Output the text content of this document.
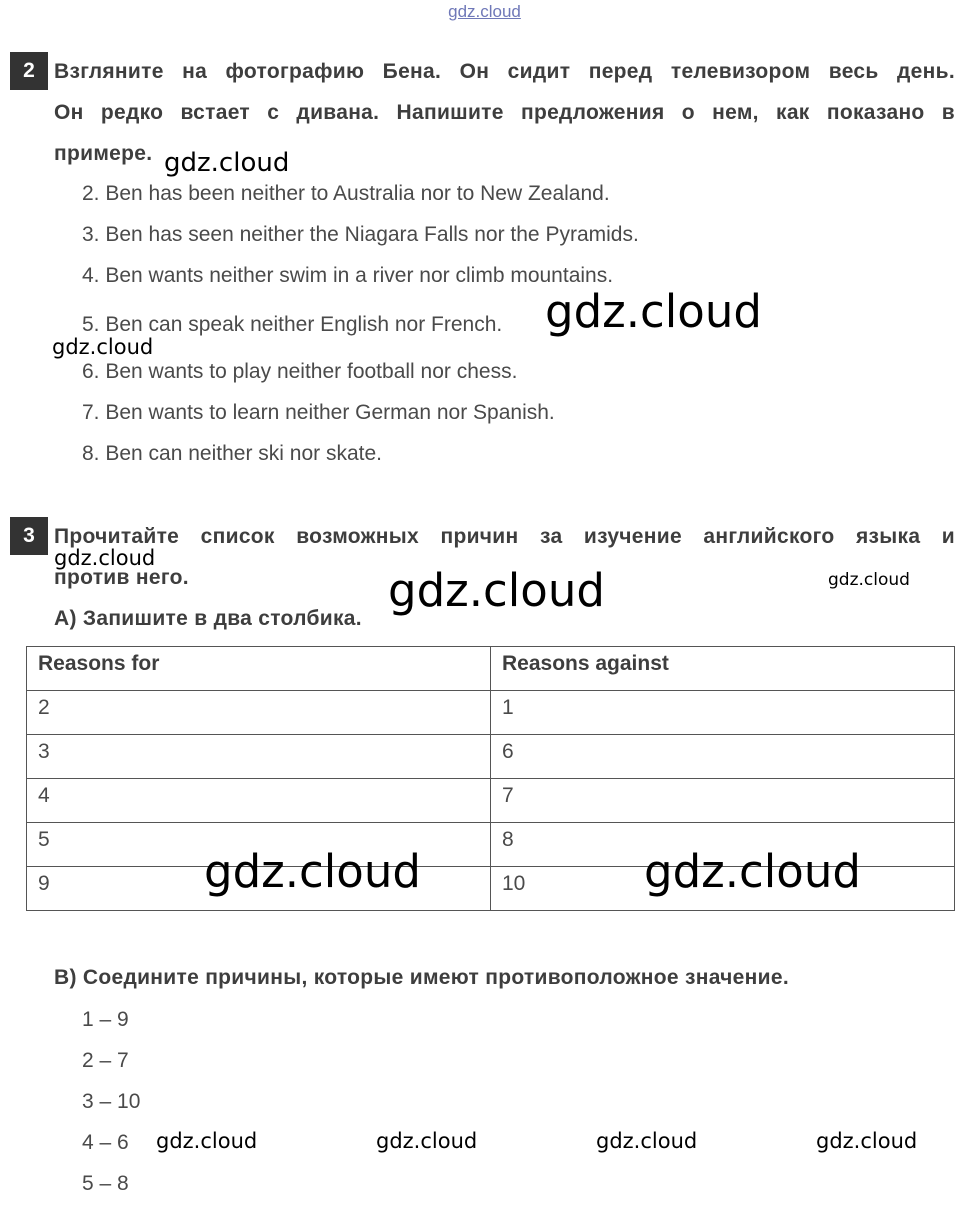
gdz.cloud
2 Взгляните на фотографию Бена. Он сидит перед телевизором весь день.
Он редко встает с дивана. Напишите предложения о нем, как показано в
примере.
2. Ben has been neither to Australia nor to New Zealand.
3. Ben has seen neither the Niagara Falls nor the Pyramids.
4. Ben wants neither swim in a river nor climb mountains.
5. Ben can speak neither English nor French.
6. Ben wants to play neither football nor chess.
7. Ben wants to learn neither German nor Spanish.
8. Ben can neither ski nor skate.
3 Прочитайте список возможных причин за изучение английского языка и
против него.
А) Запишите в два столбика.
Reasons for	Reasons against
2	1
3	6
4	7
5	8
9	10
В) Соедините причины, которые имеют противоположное значение.
1 – 9
2 – 7
3 – 10
4 – 6
5 – 8
gdz.cloud
gdz.cloud
gdz.cloud
gdz.cloud
gdz.cloud	gdz.cloud
gdz.cloud	gdz.cloud
gdz.cloud	gdz.cloud	gdz.cloud	gdz.cloud
